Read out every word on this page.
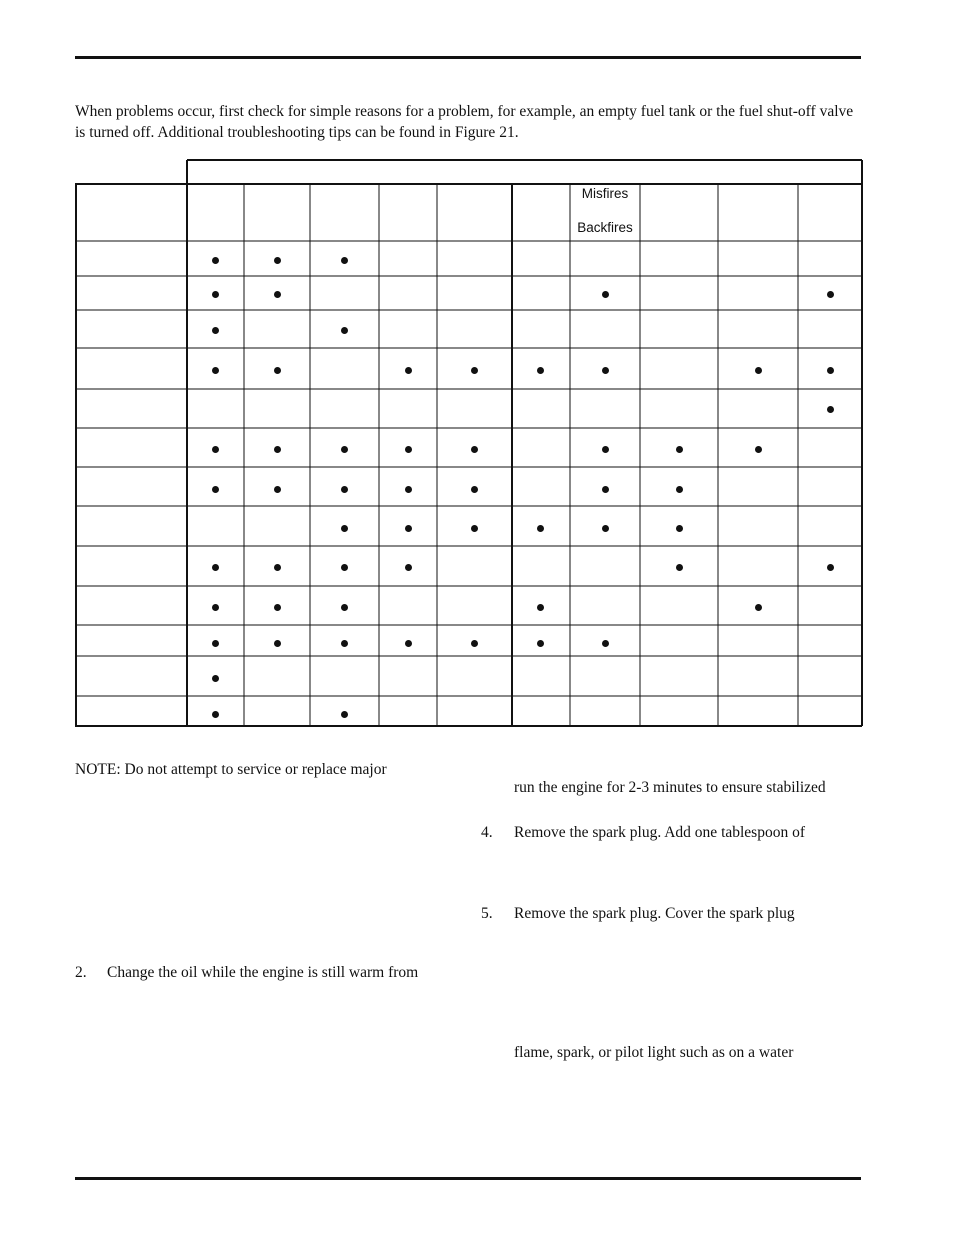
When problems occur, first check for simple reasons for a problem, for example, an empty fuel tank or the fuel shut-off valve is turned off. Additional troubleshooting tips can be found in Figure 21.
Misfires
Backfires
NOTE: Do not attempt to service or replace major
2. Change the oil while the engine is still warm from
run the engine for 2-3 minutes to ensure stabilized
4. Remove the spark plug. Add one tablespoon of
5. Remove the spark plug. Cover the spark plug
flame, spark, or pilot light such as on a water
